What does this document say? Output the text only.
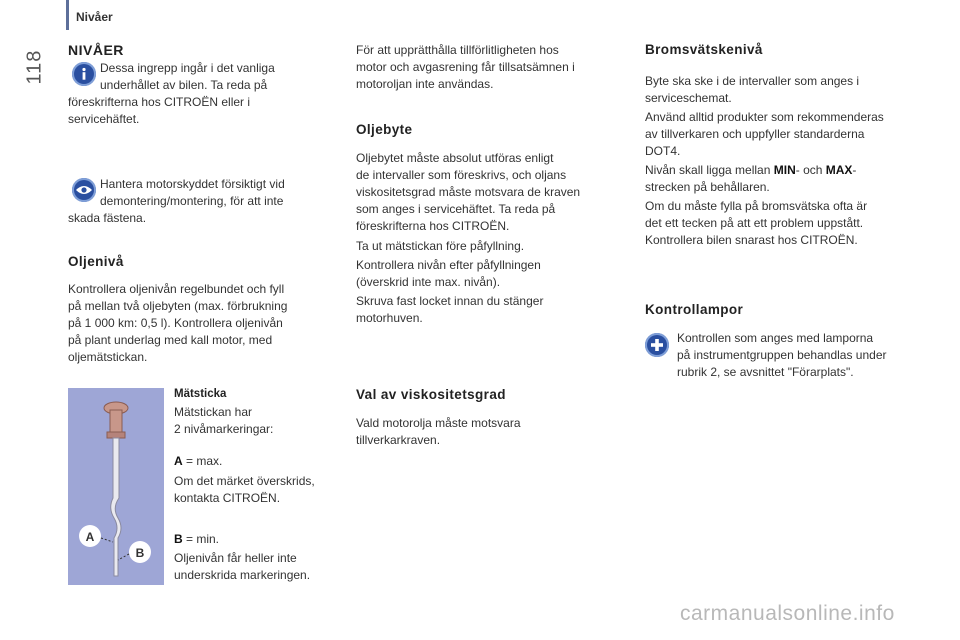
Nivåer
118 NIVÅER
Dessa ingrepp ingår i det vanliga
underhållet av bilen. Ta reda på
föreskrifterna hos CITROËN eller i
servicehäftet.
Hantera motorskyddet försiktigt vid
demontering/montering, för att inte
skada fästena.
Oljenivå
Kontrollera oljenivån regelbundet och fyll
på mellan två oljebyten (max. förbrukning
på 1 000 km: 0,5 l). Kontrollera oljenivån
på plant underlag med kall motor, med
oljemätstickan.
A
B
Mätsticka
Mätstickan har
2 nivåmarkeringar:
A = max.
Om det märket överskrids,
kontakta CITROËN.
B = min.
Oljenivån får heller inte
underskrida markeringen.
För att upprätthålla tillförlitligheten hos
motor och avgasrening får tillsatsämnen i
motoroljan inte användas.
Oljebyte
Oljebytet måste absolut utföras enligt
de intervaller som föreskrivs, och oljans
viskositetsgrad måste motsvara de kraven
som anges i servicehäftet. Ta reda på
föreskrifterna hos CITROËN.
Ta ut mätstickan före påfyllning.
Kontrollera nivån efter påfyllningen
(överskrid inte max. nivån).
Skruva fast locket innan du stänger
motorhuven.
Val av viskositetsgrad
Vald motorolja måste motsvara
tillverkarkraven.
Bromsvätskenivå
Byte ska ske i de intervaller som anges i
serviceschemat.
Använd alltid produkter som rekommenderas
av tillverkaren och uppfyller standarderna
DOT4.
Nivån skall ligga mellan MIN- och MAX-
strecken på behållaren.
Om du måste fylla på bromsvätska ofta är
det ett tecken på att ett problem uppstått.
Kontrollera bilen snarast hos CITROËN.
Kontrollampor
Kontrollen som anges med lamporna
på instrumentgruppen behandlas under
rubrik 2, se avsnittet "Förarplats".
carmanualsonline.info
